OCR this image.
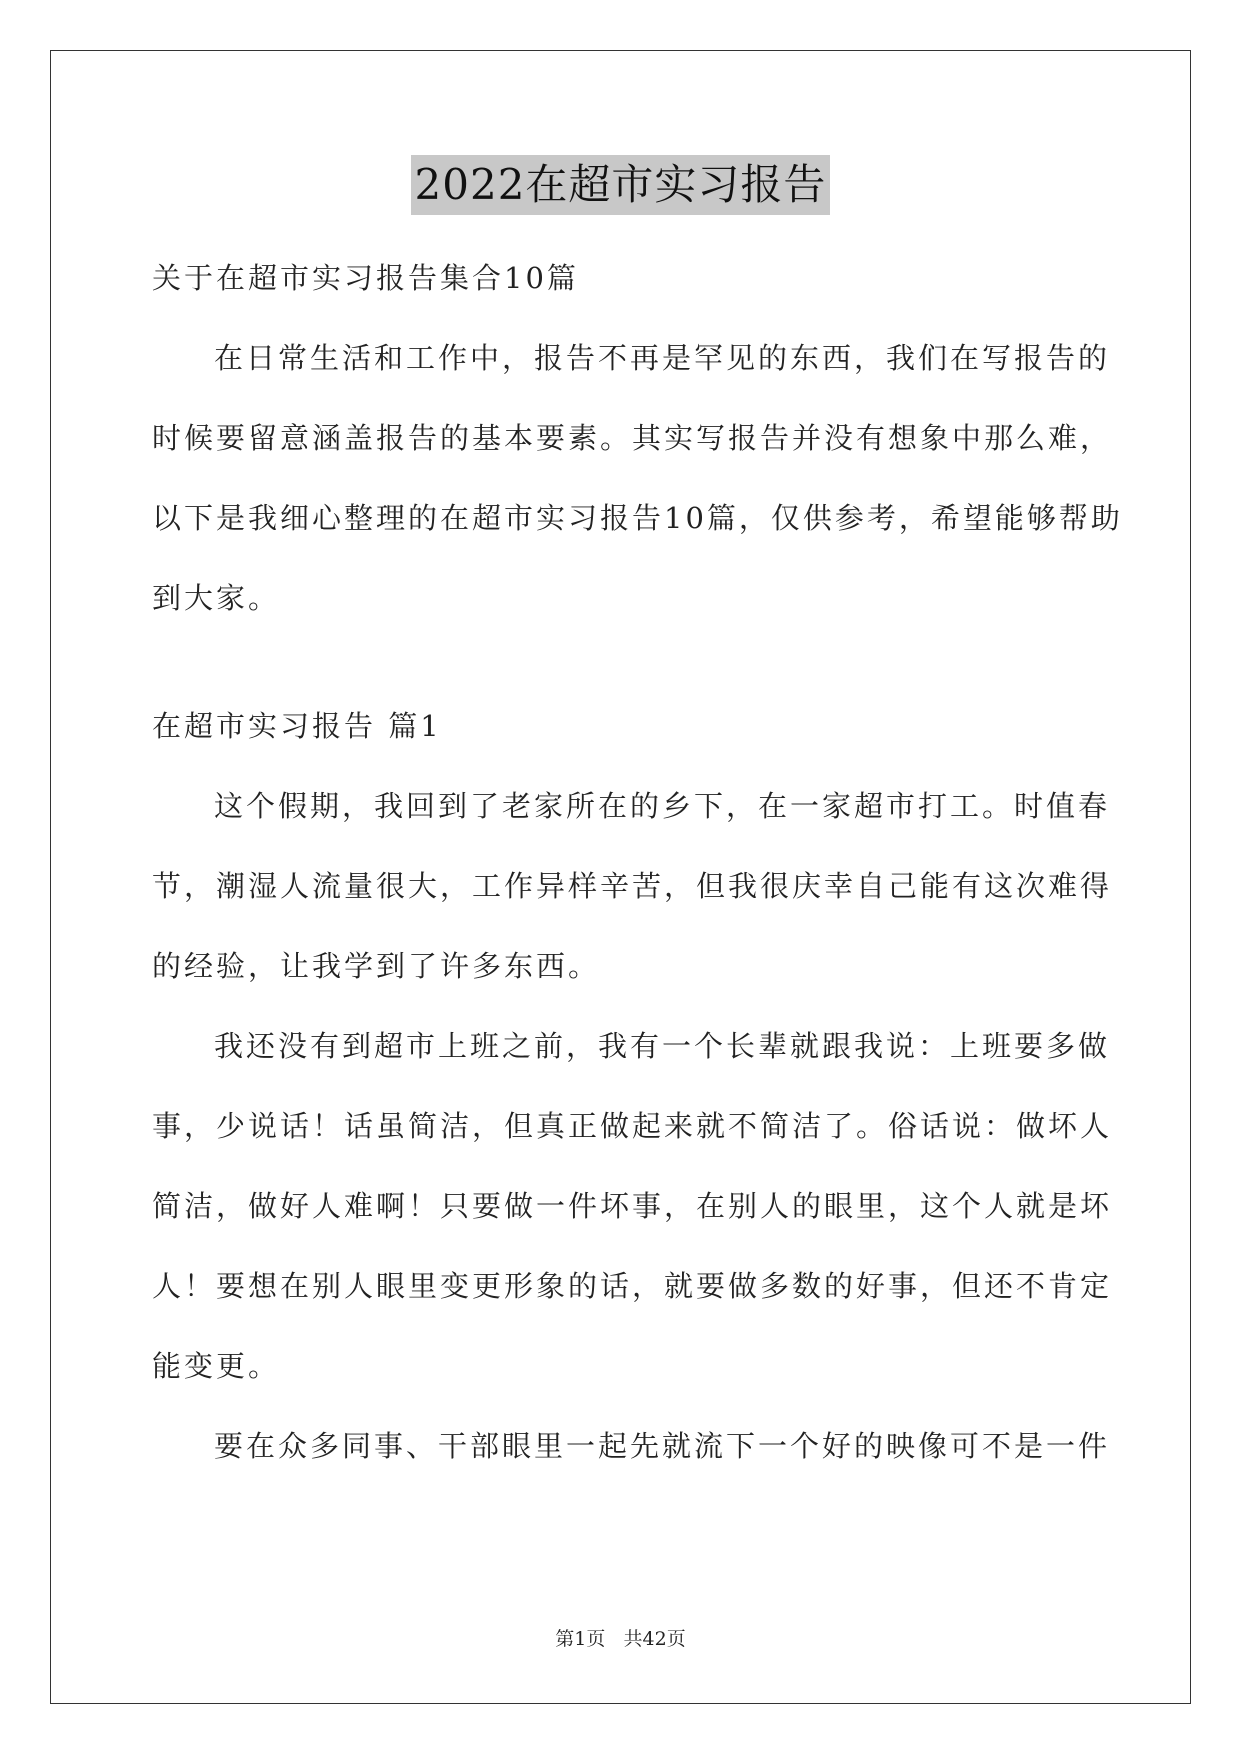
2022在超市实习报告
关于在超市实习报告集合10篇
在日常生活和工作中，报告不再是罕见的东西，我们在写报告的
时候要留意涵盖报告的基本要素。其实写报告并没有想象中那么难，
以下是我细心整理的在超市实习报告10篇，仅供参考，希望能够帮助
到大家。
在超市实习报告 篇1
这个假期，我回到了老家所在的乡下，在一家超市打工。时值春
节，潮湿人流量很大，工作异样辛苦，但我很庆幸自己能有这次难得
的经验，让我学到了许多东西。
我还没有到超市上班之前，我有一个长辈就跟我说：上班要多做
事，少说话！话虽简洁，但真正做起来就不简洁了。俗话说：做坏人
简洁，做好人难啊！只要做一件坏事，在别人的眼里，这个人就是坏
人！要想在别人眼里变更形象的话，就要做多数的好事，但还不肯定
能变更。
要在众多同事、干部眼里一起先就流下一个好的映像可不是一件
第1页 共42页
